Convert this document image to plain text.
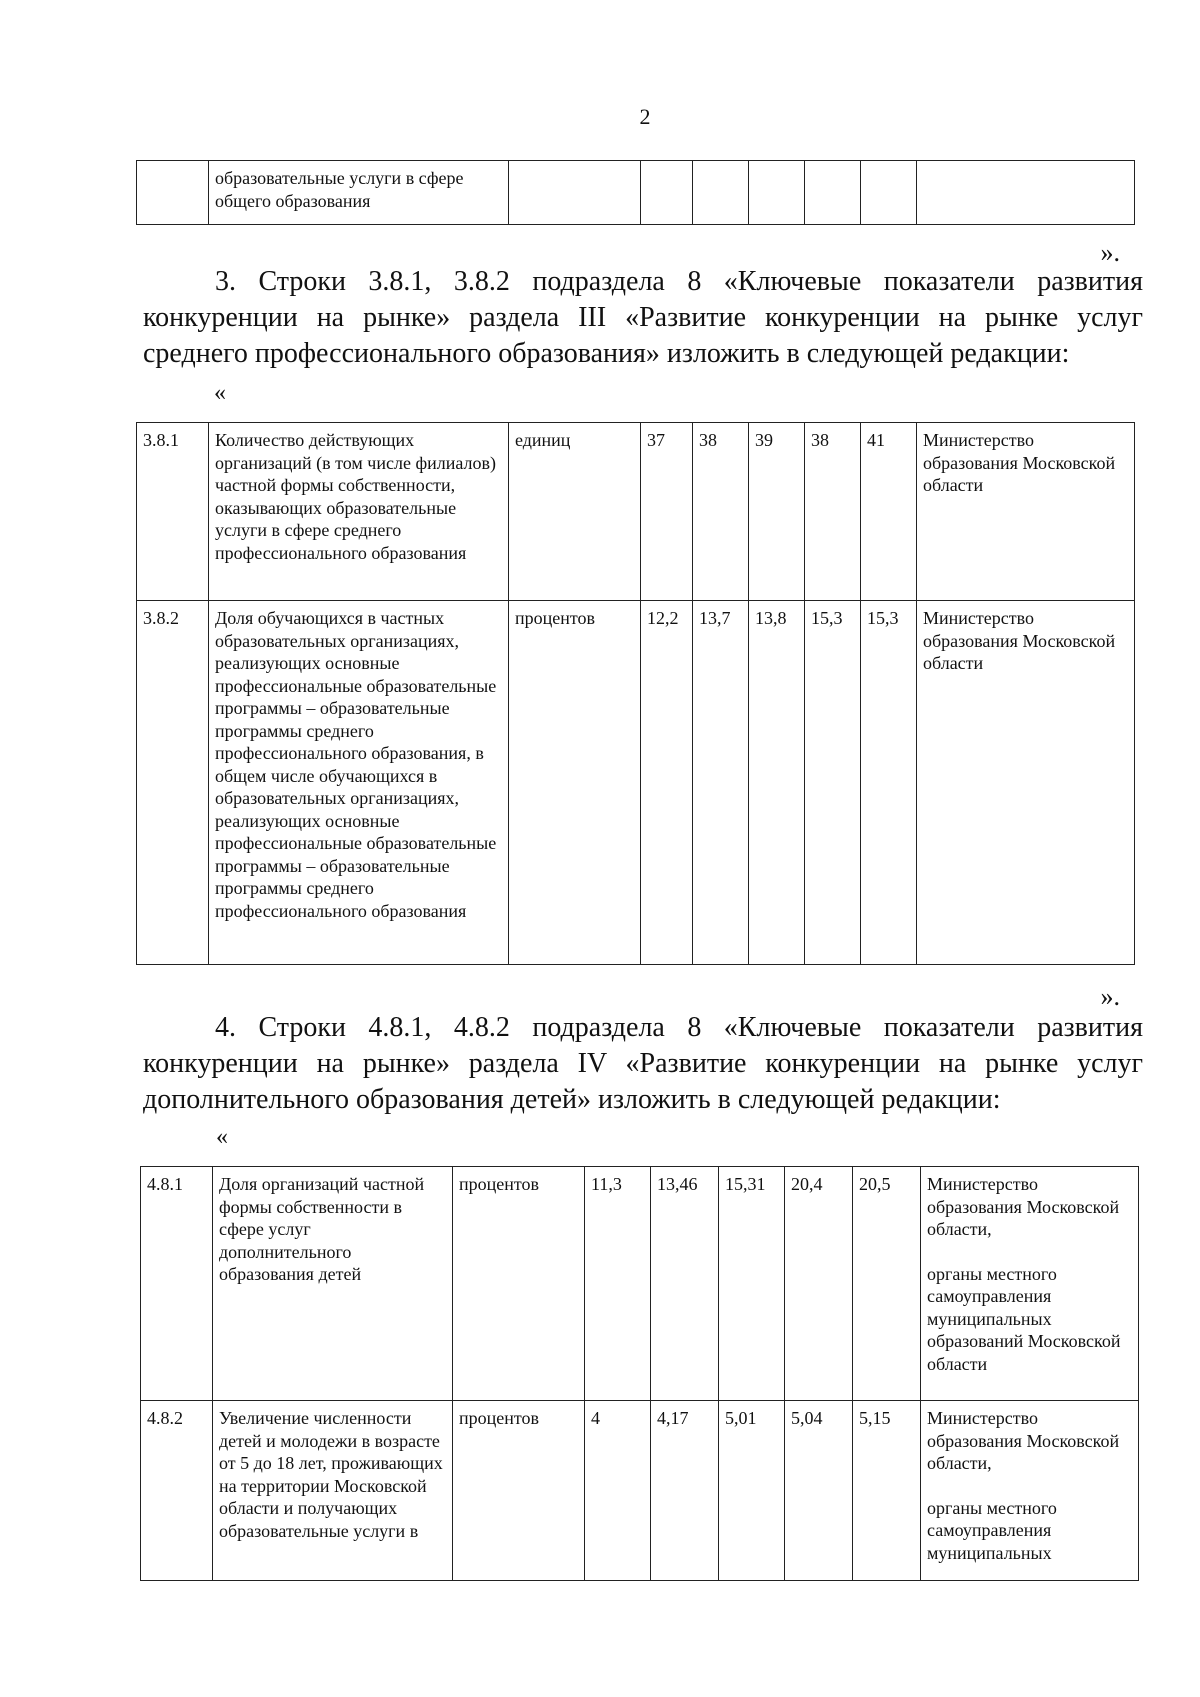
2
	образовательные услуги в сфере общего образования							
».
3. Строки 3.8.1, 3.8.2 подраздела 8 «Ключевые показатели развития конкуренции на рынке» раздела III «Развитие конкуренции на рынке услуг среднего профессионального образования» изложить в следующей редакции:
«
3.8.1	Количество действующих организаций (в том числе филиалов) частной формы собственности, оказывающих образовательные услуги в сфере среднего профессионального образования	единиц	37	38	39	38	41	Министерство образования Московской области
3.8.2	Доля обучающихся в частных образовательных организациях, реализующих основные профессиональные образовательные программы – образовательные программы среднего профессионального образования, в общем числе обучающихся в образовательных организациях, реализующих основные профессиональные образовательные программы – образовательные программы среднего профессионального образования	процентов	12,2	13,7	13,8	15,3	15,3	Министерство образования Московской области
».
4. Строки 4.8.1, 4.8.2 подраздела 8 «Ключевые показатели развития конкуренции на рынке» раздела IV «Развитие конкуренции на рынке услуг дополнительного образования детей» изложить в следующей редакции:
«
4.8.1	Доля организаций частной формы собственности в сфере услуг дополнительного образования детей	процентов	11,3	13,46	15,31	20,4	20,5	Министерство образования Московской области,
органы местного самоуправления муниципальных образований Московской области

4.8.2	Увеличение численности детей и молодежи в возрасте от 5 до 18 лет, проживающих на территории Московской области и получающих образовательные услуги в	процентов	4	4,17	5,01	5,04	5,15	Министерство образования Московской области,
органы местного самоуправления муниципальных
